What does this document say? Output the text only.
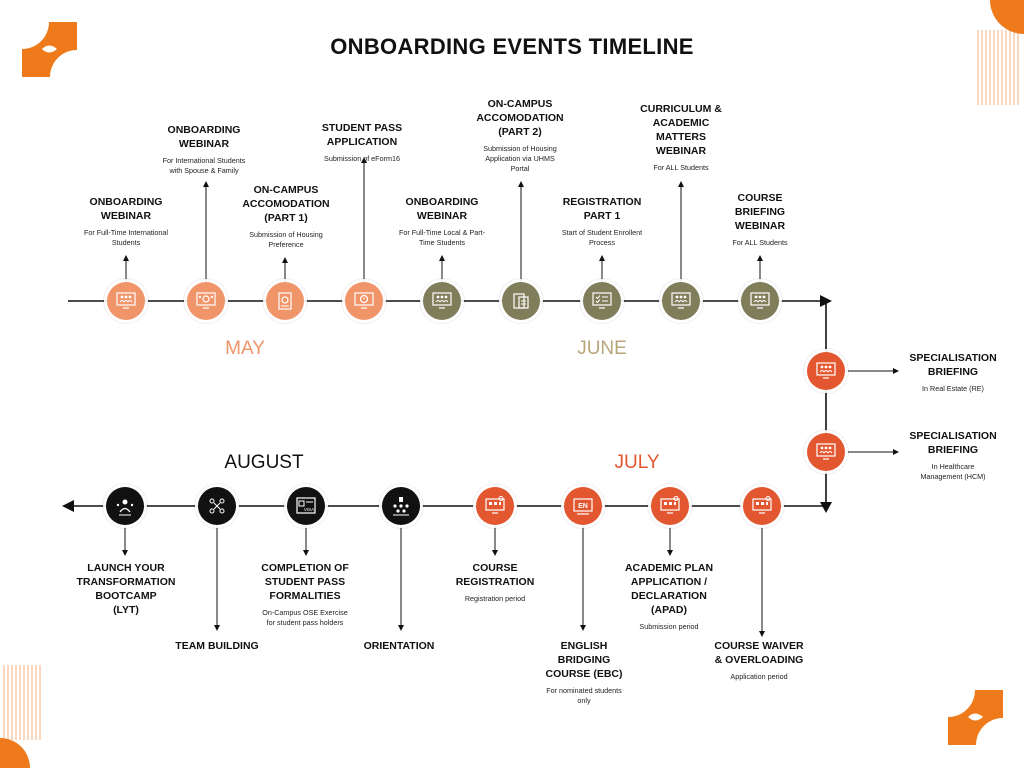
ONBOARDING EVENTS TIMELINE
MAY	JUNE
JULY
AUGUST
EN
VISA
ONBOARDING
WEBINAR
For Full-Time International
Students
ONBOARDING
WEBINAR
For International Students
with Spouse & Family
ON-CAMPUS
ACCOMODATION
(PART 1)
Submission of Housing
Preference
STUDENT PASS
APPLICATION
Submission of eForm16
ONBOARDING
WEBINAR
For Full-Time Local & Part-
Time Students
ON-CAMPUS
ACCOMODATION
(PART 2)
Submission of Housing
Application via UHMS
Portal
REGISTRATION
PART 1
Start of Student Enrollent
Process
CURRICULUM &
ACADEMIC
MATTERS
WEBINAR
For ALL Students
COURSE
BRIEFING
WEBINAR
For ALL Students
SPECIALISATION
BRIEFING
In Real Estate (RE)
SPECIALISATION
BRIEFING
In Healthcare
Management (HCM)
COURSE WAIVER
& OVERLOADING
Application period
ACADEMIC PLAN
APPLICATION /
DECLARATION
(APAD)
Submission period
ENGLISH
BRIDGING
COURSE (EBC)
For nominated students
only
COURSE
REGISTRATION
Registration period
ORIENTATION
COMPLETION OF
STUDENT PASS
FORMALITIES
On-Campus OSE Exercise
for student pass holders
TEAM BUILDING
LAUNCH YOUR
TRANSFORMATION
BOOTCAMP
(LYT)
